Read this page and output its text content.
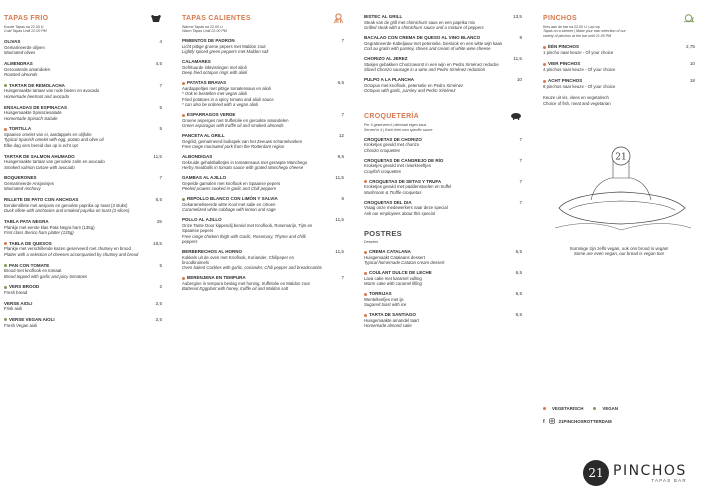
TAPAS FRIO
Koude Tapas na 22.00 U
Cold Tapas Until 22.00 PM
OLIVAS
Gemarineerde olijven
Marinated olives
4
ALMENDRAS
Geroosterde amandelen
Roasted almonds
4,5
TARTAR DE REMOLACHA
Huisgemaakte tartaar van rode bieten en avocado
Homemade beetroot and avocado
7
ENSALADAS DE ESPINACAS
Huisgemaakte Spinaziesalade
Homemade Spinach Salade
5
TORTILLA
Spaanse omelet van ei, aardappels en olijfolie
Typical Spanish omelet with egg, potato and olive oil
Elke dag vers bereid dus op is echt op!
5
TARTAR DE SALMON AHUMADO
Huisgemaakte tartaar van gerookte zalm en avocado
Smoked salmon tartare with avocado
11,5
BOQUERONES
Gemarineerde Ansjovisjes
Marinated Anchovy
7
RILLETE DE PATO CON ANCHOAS
Eendenrillete met ansjovis en gerookte paprika op toast (3 stuks)
Duck rillete with anchovies and smoked paprika on toast (3 slices)
6,5
TABLA PATA NEGRA
Plankje met eerste klas Pata Negra ham (135g)
First class Iberico ham platter (135g)
25
TABLA DE QUESOS
Plankje met verschillende kazen geserveerd met chutney en brood
Platter with a selection of cheeses accompanied by chutney and bread
18,5
PAN CON TOMATE
Brood met knoflook en tomaat
Bread topped with garlic and juicy tomatoes
5
VERS BROOD
Fresh bread
2
VERSE AIOLI
Frisk aioli
2,5
VERSE VEGAN AIOLI
Fresh Vegan aioli
2,5
TAPAS CALIENTES
Warme Tapas na 22.00 U
Warm Tapas Until 22.00 PM
PIMIENTOS DE PADRON
Licht pittige groene pepers met Maldon zout
Lightly spiced green peppers met Maldon salt
7
CALAMARES
Gefrituurde inktvisringen met alioli
Deep fried octopus rings with alioli
PATATAS BRAVAS
Aardappeltjes met pittige tomatensaus en alioli
* Ook te bestellen met vegan alioli
Fried potatoes in a spicy tomato and alioli sauce
* can also be ordered with a vegan alioli
6,5
ESPARRAGOS VERDE
Groene asperges met truffelolie en gerookte amandelen
Green asparagus with truffle oil and smoked almonds
7
PANCETA AL GRILL
Gegrild, gemarineerd buikspek van het Zeeuws schamelvarken
Free range marinated pork from the Rotterdam region
12
ALBONDIGAS
Gekruide gehaktballetjes in tomatensaus met geraspte Manchego
Herby meatballs in tomato sauce with grated Manchego cheese
9,5
GAMBAS AL AJILLO
Gepelde garnalen met knoflook en Spaanse pepers
Peeled prawns cooked in garlic and Chili peppers
11,5
REPOLLO BLANCO CON LIMÓN Y SALVIA
Gekarameliseerde witte Kool met salie en citroen
Caramelized white cabbage with lemon and sage
6
POLLO AL AJILLO
Onze Tante Door kippendij bereid met Knoflook, Rosemarijn, Tijm en Spaanse pepers
Free range chicken thigh with Garlic, Rosemary, Thyme and chilli peppers
11,5
BERBERECHOS AL HORNO
Kokkels uit de oven met Knoflook, Koriander, Chilipeper en broodkruimels
Oven baked Cockles with garlic, coriander, Chili pepper and breadcrumbs
11,5
BERENJENA EN TEMPURA
Aubergine in tempura beslag met honing, truffelolie en Maldon zout
Battered Eggplant with honey, truffle oil and Maldon salt
7
BISTEC AL GRILL
Steak van de grill met chimichurri saus en een paprika mix
Grilled steak with a chimichurri sauce and a mixture of peppers
13,5
BACALAO CON CREMA DE QUESO AL VINO BLANCO
Gegratineerde Kabeljauw met peterselie, bieslook en een witte wijn kaas
Cod au gratin with parsley, chives and cream of white wine cheese
8
CHORIZO AL JEREZ
Stukjes gebakken Chorizoworst in een wijn en Pedro Ximénez reductie
Sliced Chorizo sausage in a wine and Pedro Ximénez reduction
11,5
PULPO A LA PLANCHA
Octopus met knoflook, peterselie en Pedro Ximénez
Octopus with garlic, parsley and Pedro Ximénez
10
CROQUETERÍA
Per 4 geserveerd | allemaal eigen saus
Served in 4 | Each their own specific sauce
CROQUETAS DE CHORIZO
Kroketjes gevuld met chorizo
Chorizo croquettes
7
CROQUETAS DE CANGREJO DE RÍO
Kroketjes gevuld met rivierkreeftjes
Crayfish croquettes
7
CROQUETAS DE SETAS Y TRUFA
Kroketjes gevuld met paddenstoelen en truffel
Mushroom & Truffle croquetas
7
CROQUETAS DEL DIA
Vraag onze medewerkers naar deze special
Ask our employees about this special
7
POSTRES
Desserts
CREMA CATALANA
Huisgemaakt Catalaans dessert
Typical homemade Catalan cream dessert
6,5
COULANT DULCE DE LECHE
Lava cake met karamel vulling
Warm cake with caramel filling
6,5
TORRIJAS
Wentelteefjes met ijs
Sugared toast with ice
6,5
TARTA DE SANTIAGO
Huisgemaakte amandel taart
Homemade almond cake
6,5
PINCHOS
Kies aan de bar na 22.00 U | op=op
Tapas on a skewer | Make your own selection of our
variety of pinchos at the bar until 21.00 PM
ÉÉN PINCHOS
1 pincho naar keuze - Of your choice
2,75
VIER PINCHOS
4 pinchos naar keuze - Of your choice
10
ACHT PINCHOS
8 pinchos naar keuze - Of your choice
18
Keuze uit vis, vlees en vegetarisch
Choice of fish, meat and vegetarian
21
Sommige zijn zelfs vegan, ook ons brood is vegan!
Some are even vegan, our bread is vegan too!
VEGETARISCH	VEGAN
f	21PINCHOSROTTERDAM
21 PINCHOS
TAPAS BAR
